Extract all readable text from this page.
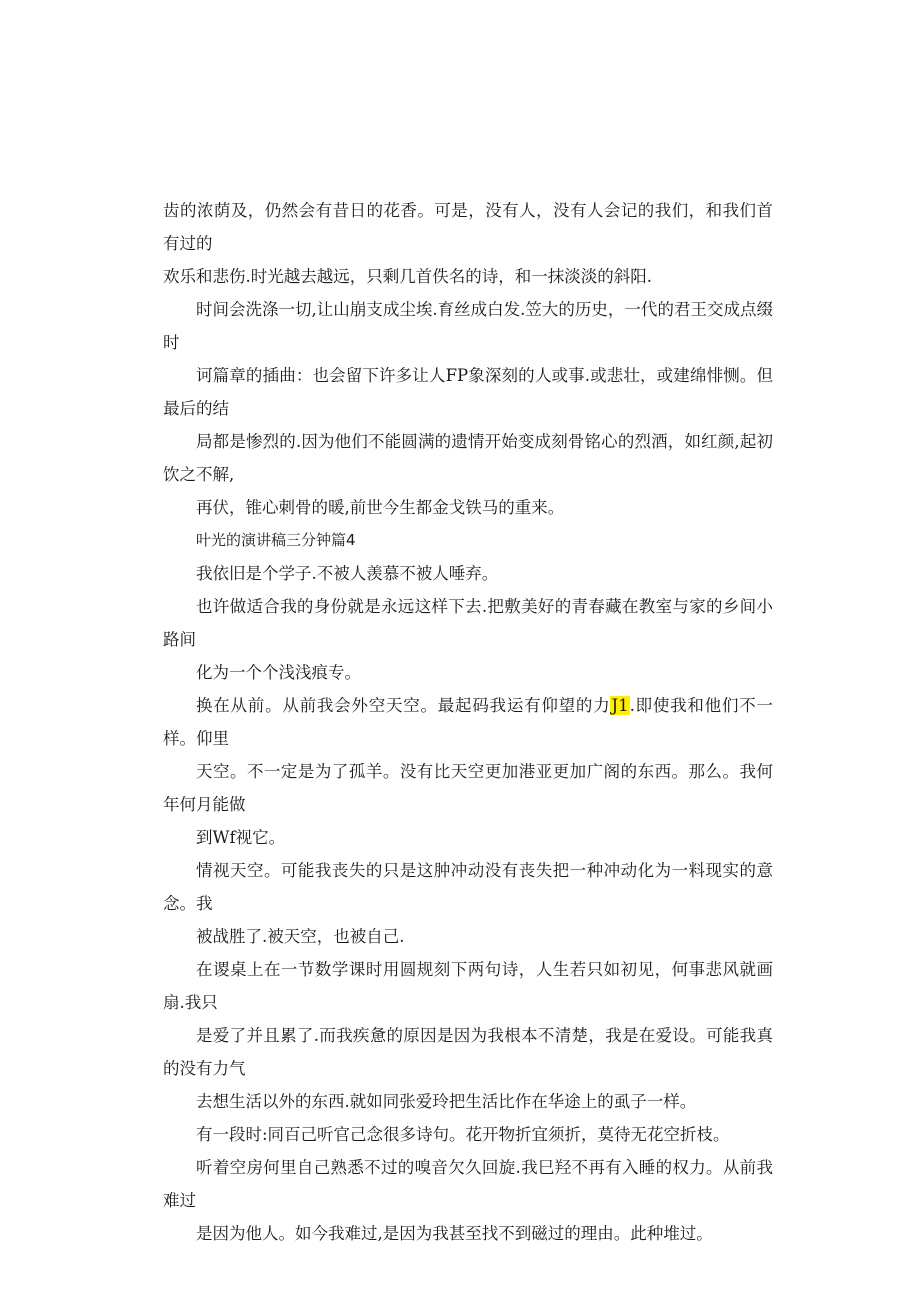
齿的浓荫及，仍然会有昔日的花香。可是，没有人，没有人会记的我们，和我们首有过的
欢乐和悲伤.时光越去越远，只剩几首佚名的诗，和一抹淡淡的斜阳.

时间会洗涤一切,让山崩支成尘埃.育丝成白发.笠大的历史，一代的君王交成点缀时
诃篇章的插曲：也会留下许多让人FP象深刻的人或事.或悲壮，或建绵悱恻。但最后的结
局都是惨烈的.因为他们不能圆满的遗情开始变成刻骨铭心的烈酒，如红颜,起初饮之不解,
再伏，锥心刺骨的暖,前世今生都金戈铁马的重来。

叶光的演讲稿三分钟篇4

我依旧是个学子.不被人羡慕不被人唾弃。

也许做适合我的身份就是永远这样下去.把敷美好的青春藏在教室与家的乡间小路间
化为一个个浅浅痕专。

换在从前。从前我会外空天空。最起码我运有仰望的力J1.即使我和他们不一样。仰里
天空。不一定是为了孤羊。没有比天空更加港亚更加广阁的东西。那么。我何年何月能做
到Wf视它。

情视天空。可能我丧失的只是这肿冲动没有丧失把一种冲动化为一料现实的意念。我
被战胜了.被天空，也被自己.

在谡桌上在一节数学课时用圆规刻下两句诗，人生若只如初见，何事悲风就画扇.我只
是爱了并且累了.而我疾惫的原因是因为我根本不清楚，我是在爱设。可能我真的没有力气
去想生活以外的东西.就如同张爱玲把生活比作在华途上的虱子一样。

有一段时:同百己听官己念很多诗句。花开物折宜须折，莫待无花空折枝。

听着空房何里自己熟悉不过的嗅音欠久回旋.我巳羟不再有入睡的权力。从前我难过
是因为他人。如今我难过,是因为我甚至找不到磁过的理由。此种堆过。
